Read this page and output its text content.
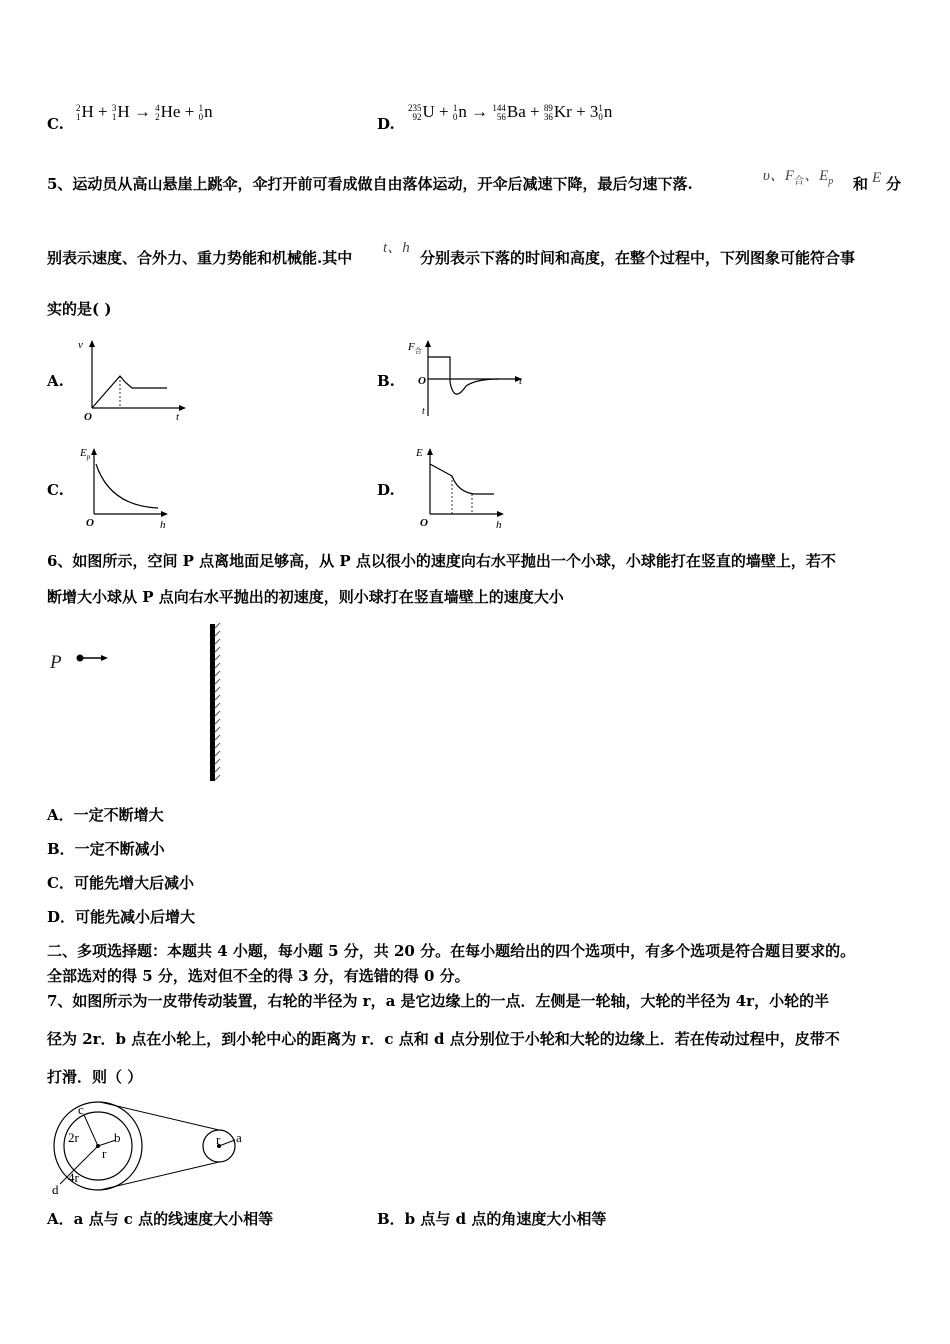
C.
2
1H + 3
1H → 4
2He + 1
0n
D.
235
92U + 1
0n → 144
56Ba + 89
36Kr + 31
0n
5、运动员从高山悬崖上跳伞，伞打开前可看成做自由落体运动，开伞后减速下降，最后匀速下落.	υ、$F_合$、$E_p$ 和 E 分
别表示速度、合外力、重力势能和机械能.其中
t、h
分别表示下落的时间和高度，在整个过程中，下列图象可能符合事
实的是( )
A.
v
O	t
B.
$F_合$
O	t
t
C.
$E_p$
O	h
D.
E
O	h
6、如图所示，空间 P 点离地面足够高，从 P 点以很小的速度向右水平抛出一个小球，小球能打在竖直的墙壁上，若不
断增大小球从 P 点向右水平抛出的初速度，则小球打在竖直墙壁上的速度大小
P
A．一定不断增大
B．一定不断减小
C．可能先增大后减小
D．可能先减小后增大
二、多项选择题：本题共 4 小题，每小题 5 分，共 20 分。在每小题给出的四个选项中，有多个选项是符合题目要求的。
全部选对的得 5 分，选对但不全的得 3 分，有选错的得 0 分。
7、如图所示为一皮带传动装置，右轮的半径为 r，a 是它边缘上的一点．左侧是一轮轴，大轮的半径为 4r，小轮的半
径为 2r．b 点在小轮上，到小轮中心的距离为 r．c 点和 d 点分别位于小轮和大轮的边缘上．若在传动过程中，皮带不
打滑．则（ ）
c
2r	b
r
4r
d
r a
A．a 点与 c 点的线速度大小相等	B．b 点与 d 点的角速度大小相等
